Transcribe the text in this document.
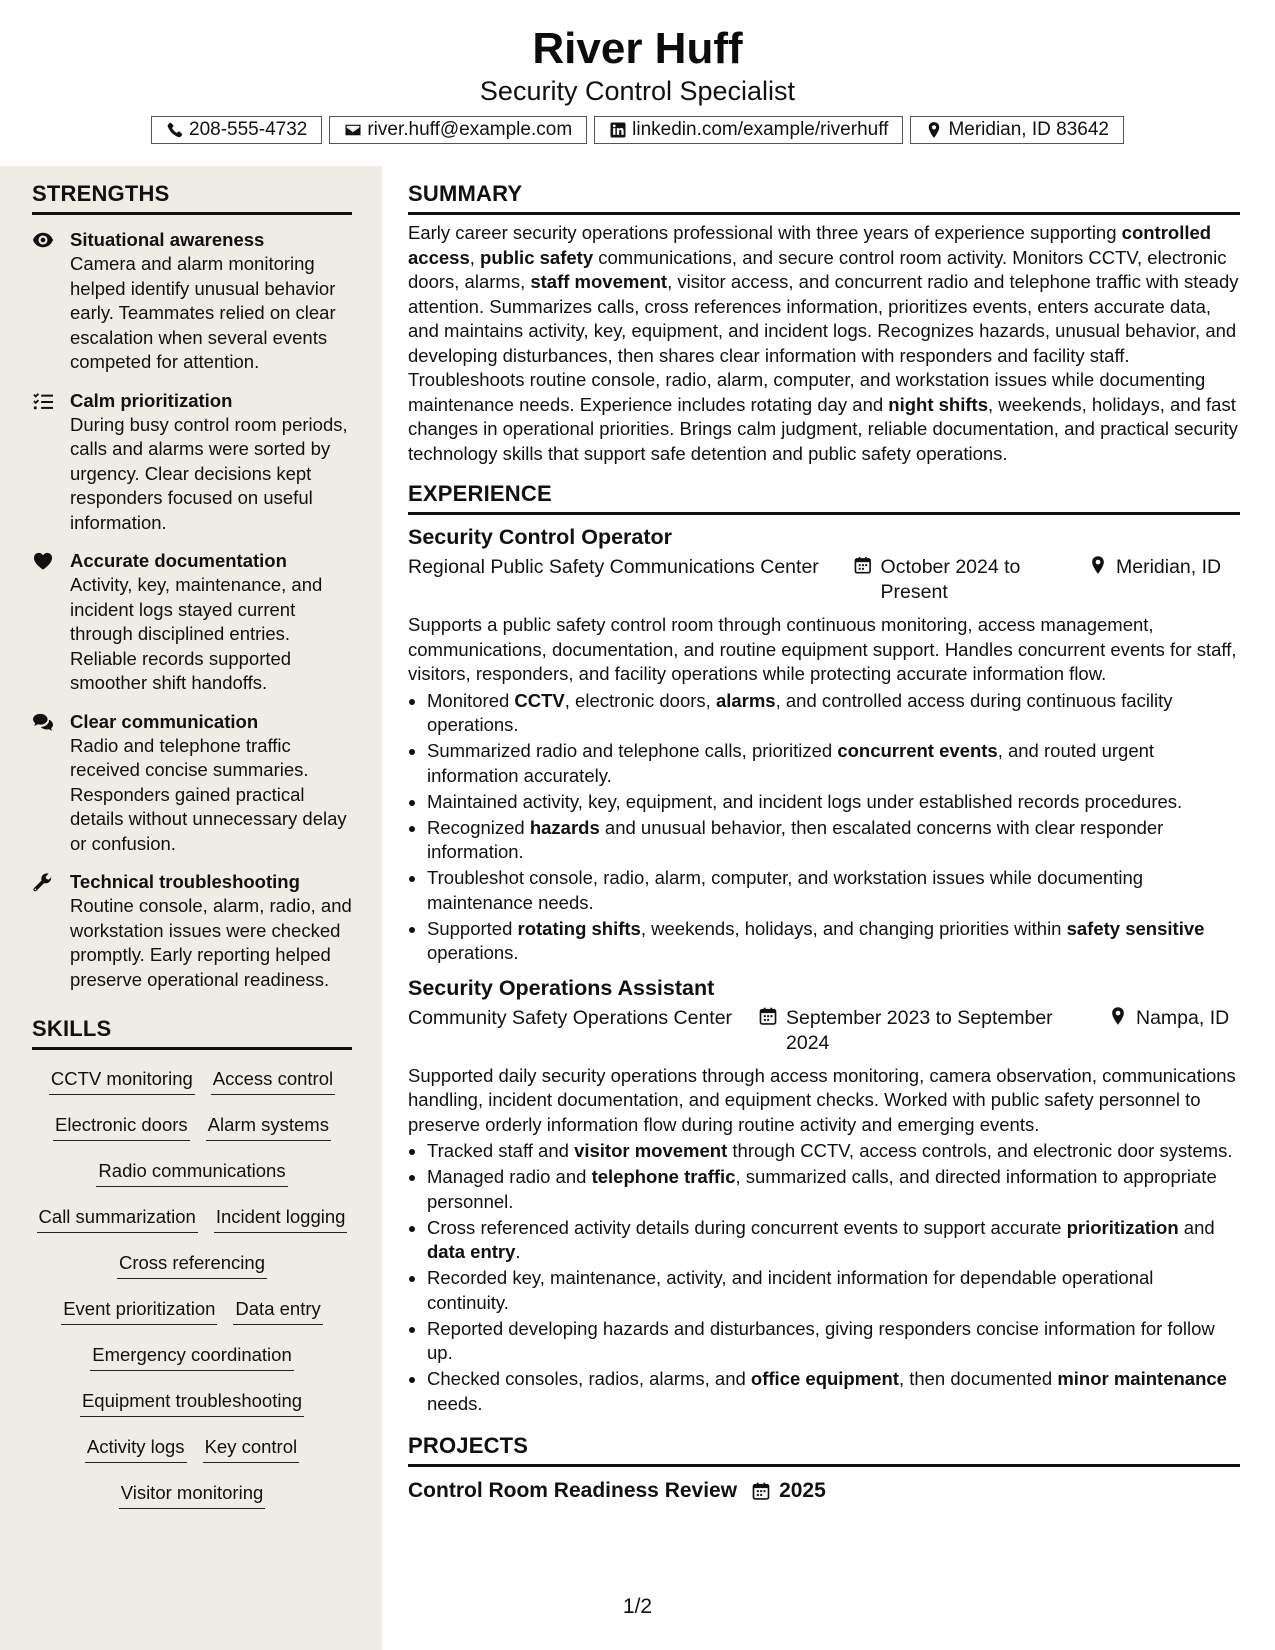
River Huff
Security Control Specialist
208-555-4732	river.huff@example.com	linkedin.com/example/riverhuff	Meridian, ID 83642
STRENGTHS
Situational awareness
Camera and alarm monitoring helped identify unusual behavior early. Teammates relied on clear escalation when several events competed for attention.
Calm prioritization
During busy control room periods, calls and alarms were sorted by urgency. Clear decisions kept responders focused on useful information.
Accurate documentation
Activity, key, maintenance, and incident logs stayed current through disciplined entries. Reliable records supported smoother shift handoffs.
Clear communication
Radio and telephone traffic received concise summaries. Responders gained practical details without unnecessary delay or confusion.
Technical troubleshooting
Routine console, alarm, radio, and workstation issues were checked promptly. Early reporting helped preserve operational readiness.
SKILLS
CCTV monitoring Access control
Electronic doors Alarm systems
Radio communications
Call summarization Incident logging
Cross referencing
Event prioritization Data entry
Emergency coordination
Equipment troubleshooting
Activity logs Key control
Visitor monitoring
SUMMARY
Early career security operations professional with three years of experience supporting controlled access, public safety communications, and secure control room activity. Monitors CCTV, electronic doors, alarms, staff movement, visitor access, and concurrent radio and telephone traffic with steady attention. Summarizes calls, cross references information, prioritizes events, enters accurate data, and maintains activity, key, equipment, and incident logs. Recognizes hazards, unusual behavior, and developing disturbances, then shares clear information with responders and facility staff. Troubleshoots routine console, radio, alarm, computer, and workstation issues while documenting maintenance needs. Experience includes rotating day and night shifts, weekends, holidays, and fast changes in operational priorities. Brings calm judgment, reliable documentation, and practical security technology skills that support safe detention and public safety operations.
EXPERIENCE
Security Control Operator
Regional Public Safety Communications Center	October 2024 to Present
Meridian, ID
Supports a public safety control room through continuous monitoring, access management, communications, documentation, and routine equipment support. Handles concurrent events for staff, visitors, responders, and facility operations while protecting accurate information flow.
• Monitored CCTV, electronic doors, alarms, and controlled access during continuous facility operations.
• Summarized radio and telephone calls, prioritized concurrent events, and routed urgent information accurately.
• Maintained activity, key, equipment, and incident logs under established records procedures.
• Recognized hazards and unusual behavior, then escalated concerns with clear responder information.
• Troubleshot console, radio, alarm, computer, and workstation issues while documenting maintenance needs.
• Supported rotating shifts, weekends, holidays, and changing priorities within safety sensitive operations.
Security Operations Assistant
Community Safety Operations Center	September 2023 to September 2024
Nampa, ID
Supported daily security operations through access monitoring, camera observation, communications handling, incident documentation, and equipment checks. Worked with public safety personnel to preserve orderly information flow during routine activity and emerging events.
• Tracked staff and visitor movement through CCTV, access controls, and electronic door systems.
• Managed radio and telephone traffic, summarized calls, and directed information to appropriate personnel.
• Cross referenced activity details during concurrent events to support accurate prioritization and data entry.
• Recorded key, maintenance, activity, and incident information for dependable operational continuity.
• Reported developing hazards and disturbances, giving responders concise information for follow up.
• Checked consoles, radios, alarms, and office equipment, then documented minor maintenance needs.
PROJECTS
Control Room Readiness Review 2025
1/2
